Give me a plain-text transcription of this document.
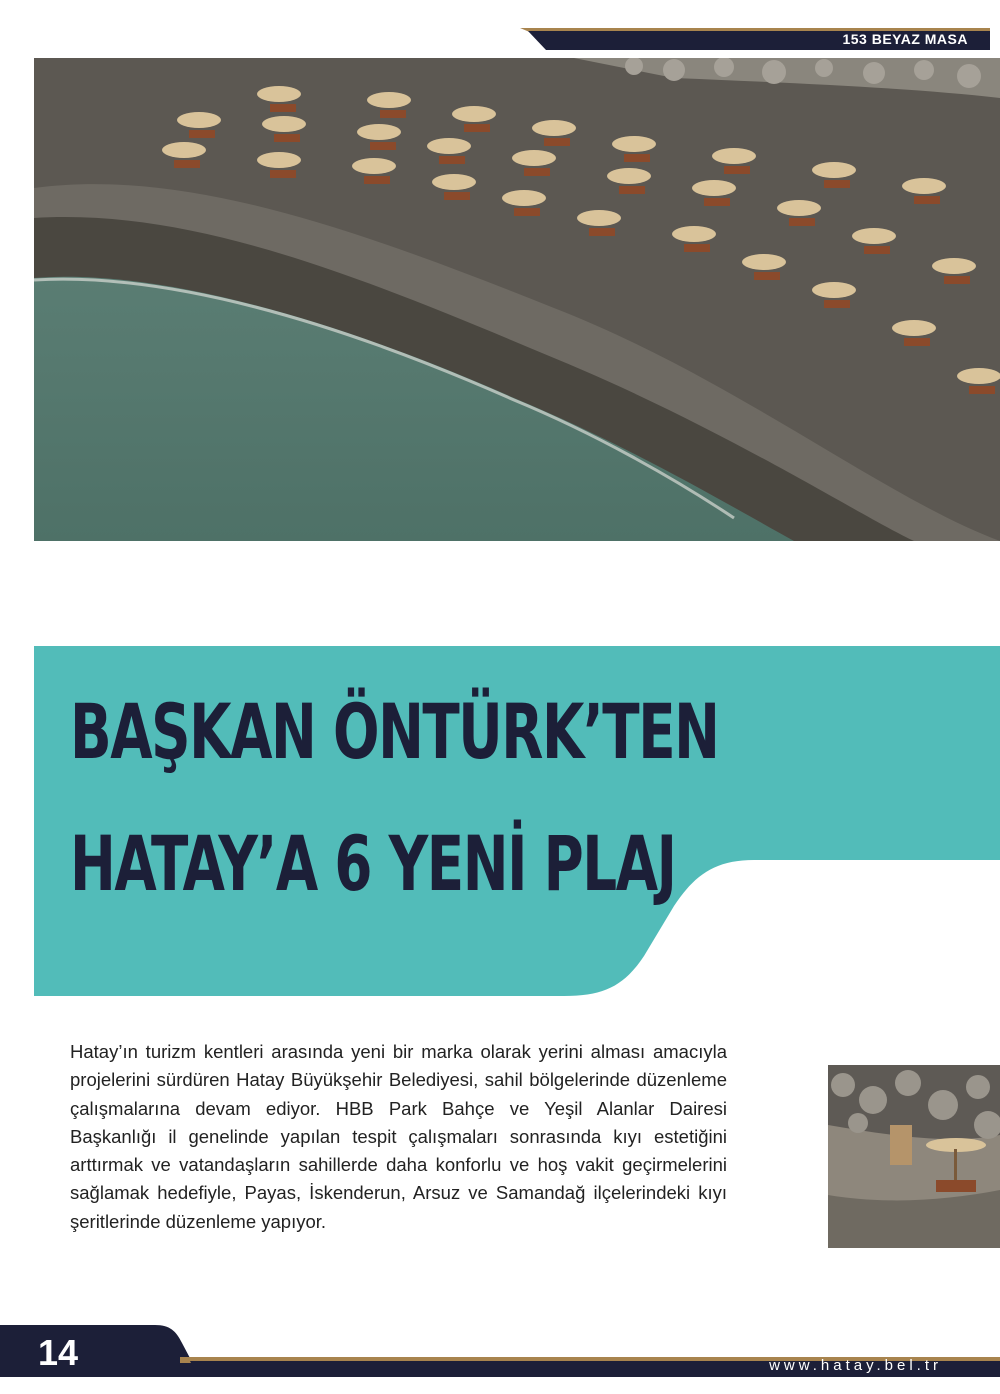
153 BEYAZ MASA
BAŞKAN ÖNTÜRK’TEN
HATAY’A 6 YENİ PLAJ
Hatay’ın turizm kentleri arasında yeni bir marka olarak yerini alması amacıyla projelerini sürdüren Hatay Büyükşehir Belediyesi, sahil bölgelerinde düzenleme çalışmalarına devam ediyor. HBB Park Bahçe ve Yeşil Alanlar Dairesi Başkanlığı il genelinde yapılan tespit çalışmaları sonrasında kıyı estetiğini arttırmak ve vatandaşların sahillerde daha konforlu ve hoş vakit geçirmelerini sağlamak hedefiyle, Payas, İskenderun, Arsuz ve Samandağ ilçelerindeki kıyı şeritlerinde düzenleme yapıyor.
14	www.hatay.bel.tr
